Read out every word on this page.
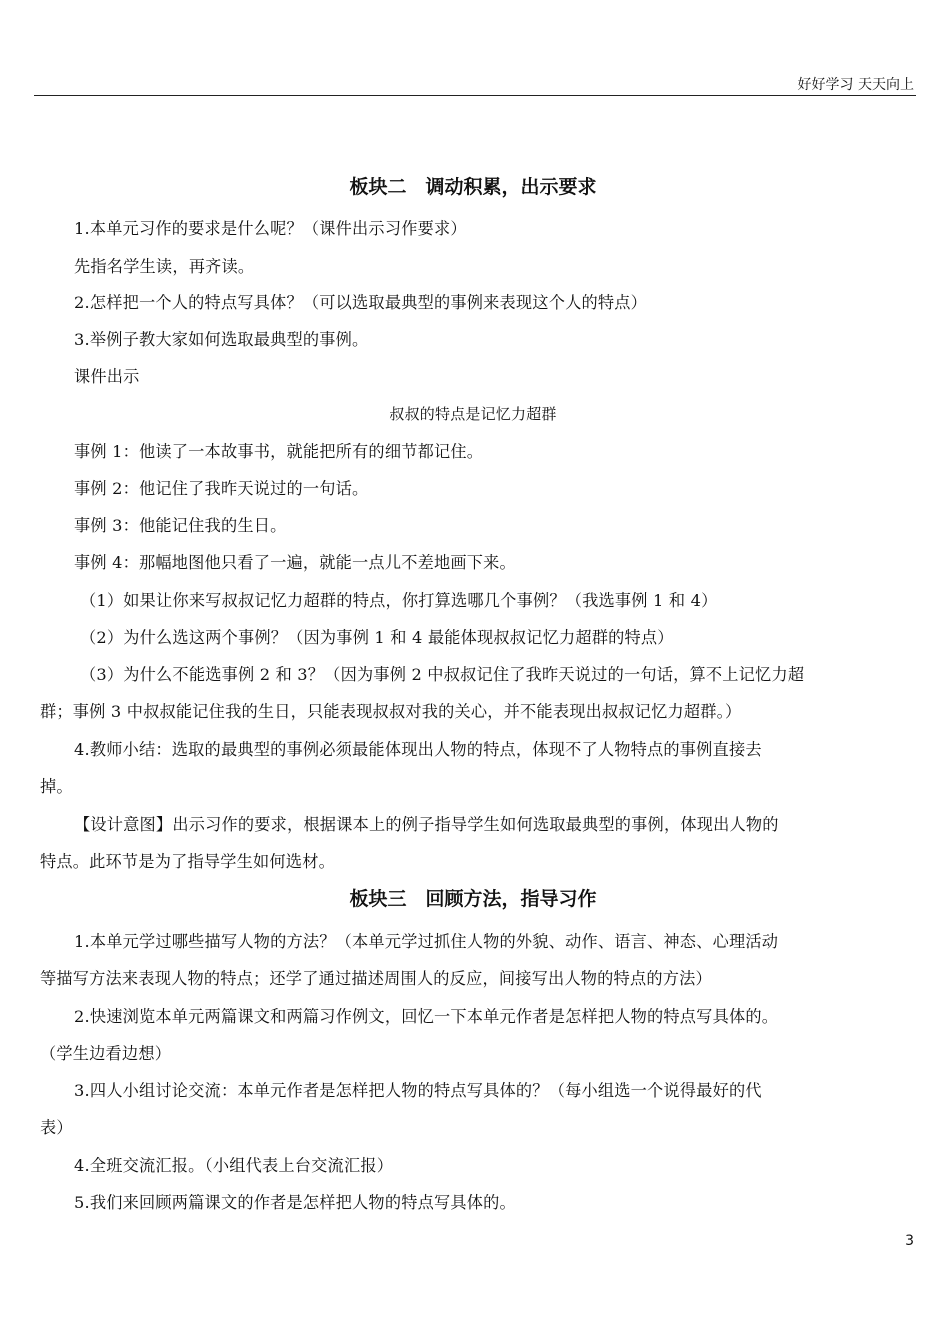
好好学习 天天向上
板块二　调动积累，出示要求
1.本单元习作的要求是什么呢？（课件出示习作要求）
先指名学生读，再齐读。
2.怎样把一个人的特点写具体？（可以选取最典型的事例来表现这个人的特点）
3.举例子教大家如何选取最典型的事例。
课件出示
叔叔的特点是记忆力超群
事例 1：他读了一本故事书，就能把所有的细节都记住。
事例 2：他记住了我昨天说过的一句话。
事例 3：他能记住我的生日。
事例 4：那幅地图他只看了一遍，就能一点儿不差地画下来。
（1）如果让你来写叔叔记忆力超群的特点，你打算选哪几个事例？（我选事例 1 和 4）
（2）为什么选这两个事例？（因为事例 1 和 4 最能体现叔叔记忆力超群的特点）
（3）为什么不能选事例 2 和 3？（因为事例 2 中叔叔记住了我昨天说过的一句话，算不上记忆力超
群；事例 3 中叔叔能记住我的生日，只能表现叔叔对我的关心，并不能表现出叔叔记忆力超群。）
4.教师小结：选取的最典型的事例必须最能体现出人物的特点，体现不了人物特点的事例直接去
掉。
【设计意图】出示习作的要求，根据课本上的例子指导学生如何选取最典型的事例，体现出人物的
特点。此环节是为了指导学生如何选材。
板块三　回顾方法，指导习作
1.本单元学过哪些描写人物的方法？（本单元学过抓住人物的外貌、动作、语言、神态、心理活动
等描写方法来表现人物的特点；还学了通过描述周围人的反应，间接写出人物的特点的方法）
2.快速浏览本单元两篇课文和两篇习作例文，回忆一下本单元作者是怎样把人物的特点写具体的。
（学生边看边想）
3.四人小组讨论交流：本单元作者是怎样把人物的特点写具体的？（每小组选一个说得最好的代
表）
4.全班交流汇报。（小组代表上台交流汇报）
5.我们来回顾两篇课文的作者是怎样把人物的特点写具体的。
3
